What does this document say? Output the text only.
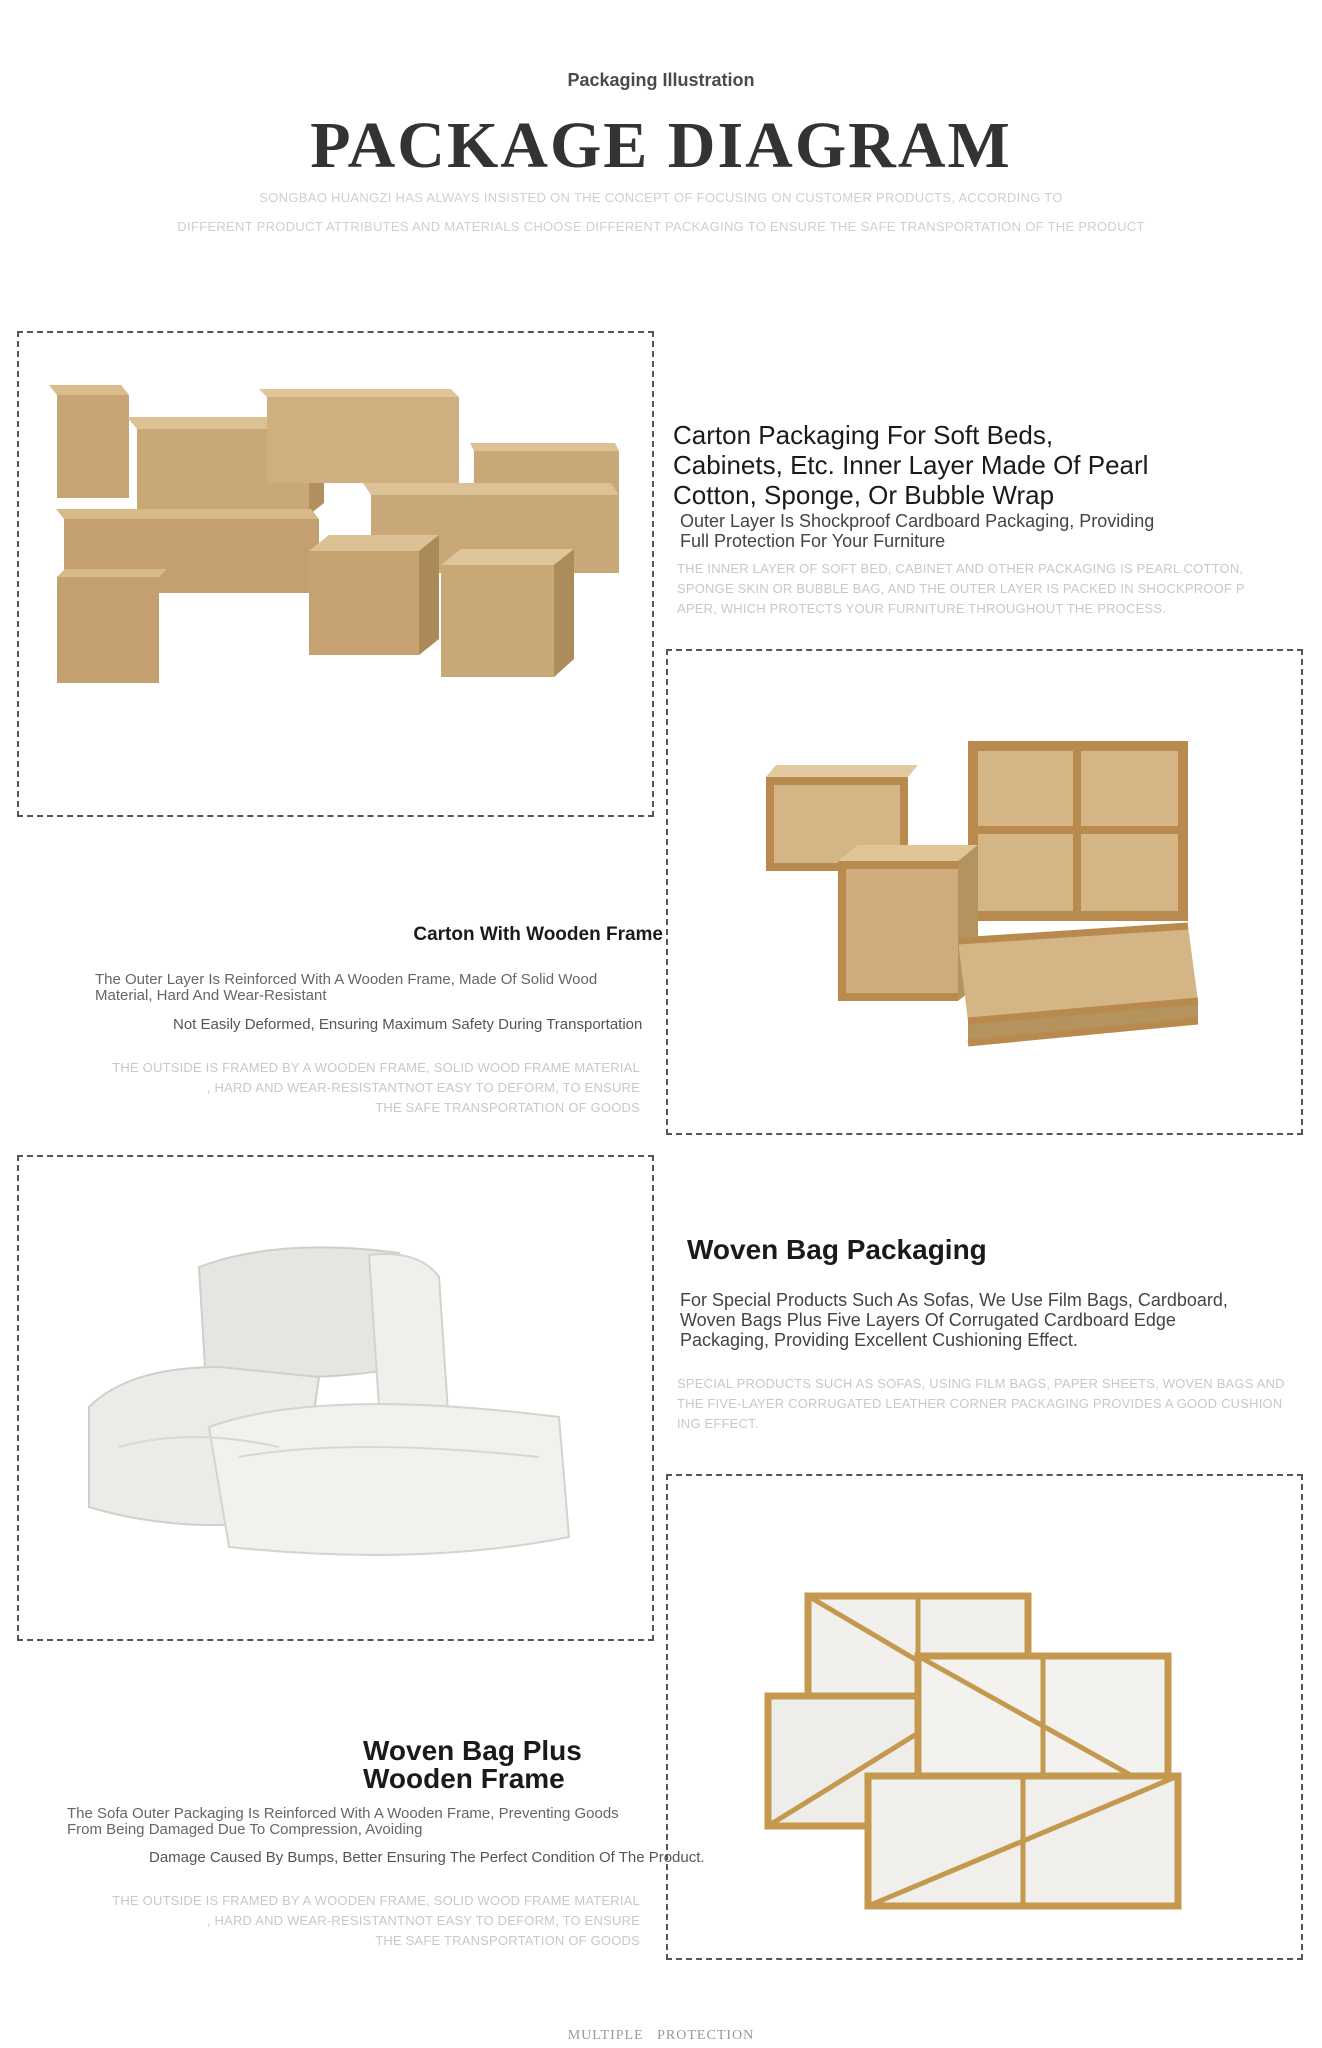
Packaging Illustration
PACKAGE DIAGRAM
SONGBAO HUANGZI HAS ALWAYS INSISTED ON THE CONCEPT OF FOCUSING ON CUSTOMER PRODUCTS, ACCORDING TO
DIFFERENT PRODUCT ATTRIBUTES AND MATERIALS CHOOSE DIFFERENT PACKAGING TO ENSURE THE SAFE TRANSPORTATION OF THE PRODUCT
Carton Packaging For Soft Beds,
Cabinets, Etc. Inner Layer Made Of Pearl
Cotton, Sponge, Or Bubble Wrap
Outer Layer Is Shockproof Cardboard Packaging, Providing
Full Protection For Your Furniture
THE INNER LAYER OF SOFT BED, CABINET AND OTHER PACKAGING IS PEARL COTTON,
SPONGE SKIN OR BUBBLE BAG, AND THE OUTER LAYER IS PACKED IN SHOCKPROOF P
APER, WHICH PROTECTS YOUR FURNITURE THROUGHOUT THE PROCESS.
Carton With Wooden Frame
The Outer Layer Is Reinforced With A Wooden Frame, Made Of Solid Wood
Material, Hard And Wear-Resistant
Not Easily Deformed, Ensuring Maximum Safety During Transportation
THE OUTSIDE IS FRAMED BY A WOODEN FRAME, SOLID WOOD FRAME MATERIAL
, HARD AND WEAR-RESISTANTNOT EASY TO DEFORM, TO ENSURE
THE SAFE TRANSPORTATION OF GOODS
Woven Bag Packaging
For Special Products Such As Sofas, We Use Film Bags, Cardboard,
Woven Bags Plus Five Layers Of Corrugated Cardboard Edge
Packaging, Providing Excellent Cushioning Effect.
SPECIAL PRODUCTS SUCH AS SOFAS, USING FILM BAGS, PAPER SHEETS, WOVEN BAGS AND
THE FIVE-LAYER CORRUGATED LEATHER CORNER PACKAGING PROVIDES A GOOD CUSHION
ING EFFECT.
Woven Bag Plus
Wooden Frame
The Sofa Outer Packaging Is Reinforced With A Wooden Frame, Preventing Goods
From Being Damaged Due To Compression, Avoiding
Damage Caused By Bumps, Better Ensuring The Perfect Condition Of The Product.
THE OUTSIDE IS FRAMED BY A WOODEN FRAME, SOLID WOOD FRAME MATERIAL
, HARD AND WEAR-RESISTANTNOT EASY TO DEFORM, TO ENSURE
THE SAFE TRANSPORTATION OF GOODS
MULTIPLE   PROTECTION
